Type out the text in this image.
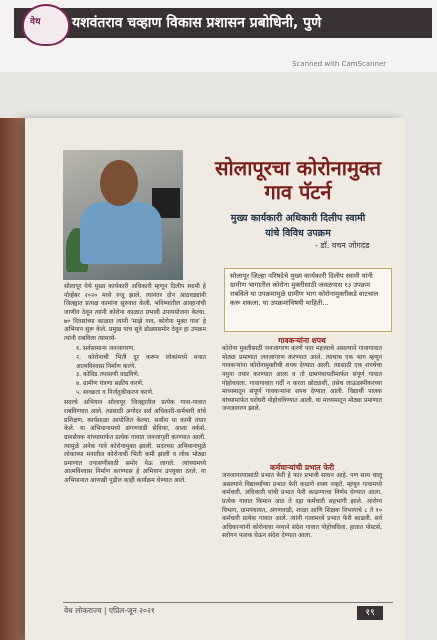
वेध	यशवंतराव चव्हाण विकास प्रशासन प्रबोधिनी, पुणे
Scanned with CamScanner
सोलापूरचा कोरोनामुक्त
गाव पॅटर्न
मुख्य कार्यकारी अधिकारी दिलीप स्वामी
यांचे विविध उपक्रम
- डॉ. वचन जोगदंड
सोलापूर जिल्हा परिषदेचे मुख्य कार्यकारी दिलीप स्वामी यांनी ग्रामीण भागातील कोरोना मुक्तीसाठी जवळपास १३ उपक्रम राबविले या उपक्रमामुळे ग्रामीण भाग कोरोनामुक्तीकडे वाटचाल करू शकला. या उपक्रमांविषयी माहिती...
सोलापूर येथे मुख्य कार्यकारी अधिकारी म्हणून दिलीप स्वामी हे नोव्हेंबर २०२० मध्ये रुजू झाले. त्यानंतर दोन आठवड्यांनी जिल्ह्यात प्रत्यक्ष कामांना सुरुवात केली. भविष्यातील आव्हानांची जाणीव ठेवून त्यांनी कोरोना काळात प्रभावी उपाययोजना केल्या. ७० दिवसांच्या काळात त्यांनी 'माझे गाव, कोरोना मुक्त गाव' हे अभियान सुरू केले. प्रमुख पाच सूत्रे डोळ्यासमोर ठेवून हा उपक्रम त्यांनी राबविला त्यामध्ये-
१. सर्वसामान्य जनजागरण.
२. कोरोनाची भिती दूर करून लोकांमध्ये मनात आत्मविश्वास निर्माण करणे.
३. कोविड तपासणी वाढविणे.
४. ग्रामीण यंत्रणा सक्रीय करणे.
५. स्वच्छता व निर्जंतुकीकरण करणे.
सदरचे अभियान सोलापूर जिल्ह्यातील प्रत्येक गावा-गावात राबविण्यात आले. त्यासाठी अगोदर सर्व अधिकारी-कर्मचारी यांचे प्रशिक्षण, कार्यशाळा आयोजित केल्या. सर्वांना या कामी तयार केले. या अभियानामध्ये अंगणवाडी सेविका, आशा वर्कर्स, ग्रामसेवक यांच्यामार्फत प्रत्येक गावात जनजागृती करण्यात आली. त्यामुळे अनेक गावे कोरोनामुक्त झाली. सदरच्या अभियानामुळे लोकांच्या मनातील कोरोनाची भिती कमी झाली व लोक मोठ्या प्रमाणात तपासणीसाठी समोर येऊ लागले. त्यांच्यामध्ये आत्मविश्वास निर्माण करण्यास हे अभियान उपयुक्त ठरले. या अभियानात आणखी पुढील काही कार्यक्रम घेण्यात आले.
गावकऱ्यांना शपथ
कोरोना मुक्तीसाठी जनजागरण करणे फार महत्त्वाचे असल्याने गावागावात मोठ्या प्रमाणात जनजागरण करण्यात आले. त्याचाच एक भाग म्हणून गावकऱ्यांना कोरोनामुक्तीची शपथ देण्यात आली. त्यासाठी एक शपथेचा नमुना तयार करण्यात आला व तो ग्रामपंचायतीमार्फत संपूर्ण गावात पोहोचवला. गावागावात गर्दी न करता छोट्याशी, तसेच लाऊडस्पीकरच्या माध्यमातून संपूर्ण गावकऱ्यांना शपथ देण्यात आली. विद्यार्थी पालक यांच्यामार्फत घरोघरी पोहोचविण्यात आली. या माध्यमातून मोठ्या प्रमाणात जनजागरण झाले.
कर्मचाऱ्यांची प्रभात फेरी
जनजागरणासाठी प्रभात फेरी हे फार प्रभावी साधन आहे. पण साथ चालू असल्याने विद्यार्थ्यांच्या प्रभात फेरी काढणे शक्य नव्हते. म्हणून गावामध्ये कर्मचारी, अधिकारी यांची प्रभात फेरी काढण्याचा निर्णय घेण्यात आला. प्रत्येक गावात किमान आठ ते दहा कर्मचारी सहभागी झाले. आरोग्य विभाग, ग्रामपंचायत, अंगणवाडी, शाळा आणि शिक्षक विभागाचे ८ ते १० कर्मचारी प्रत्येक गावात आले. त्यांनी गावामध्ये प्रभात फेरी काढली. सर्व अधिकाऱ्यांनी कोरोनाचा नव्याने संदेश गावात पोहोचविला. हातात पोस्टर्स, स्लोगन फलक घेऊन संदेश देण्यात आला.
वेध लोकराज्य | एप्रिल-जून २०२१	१९
